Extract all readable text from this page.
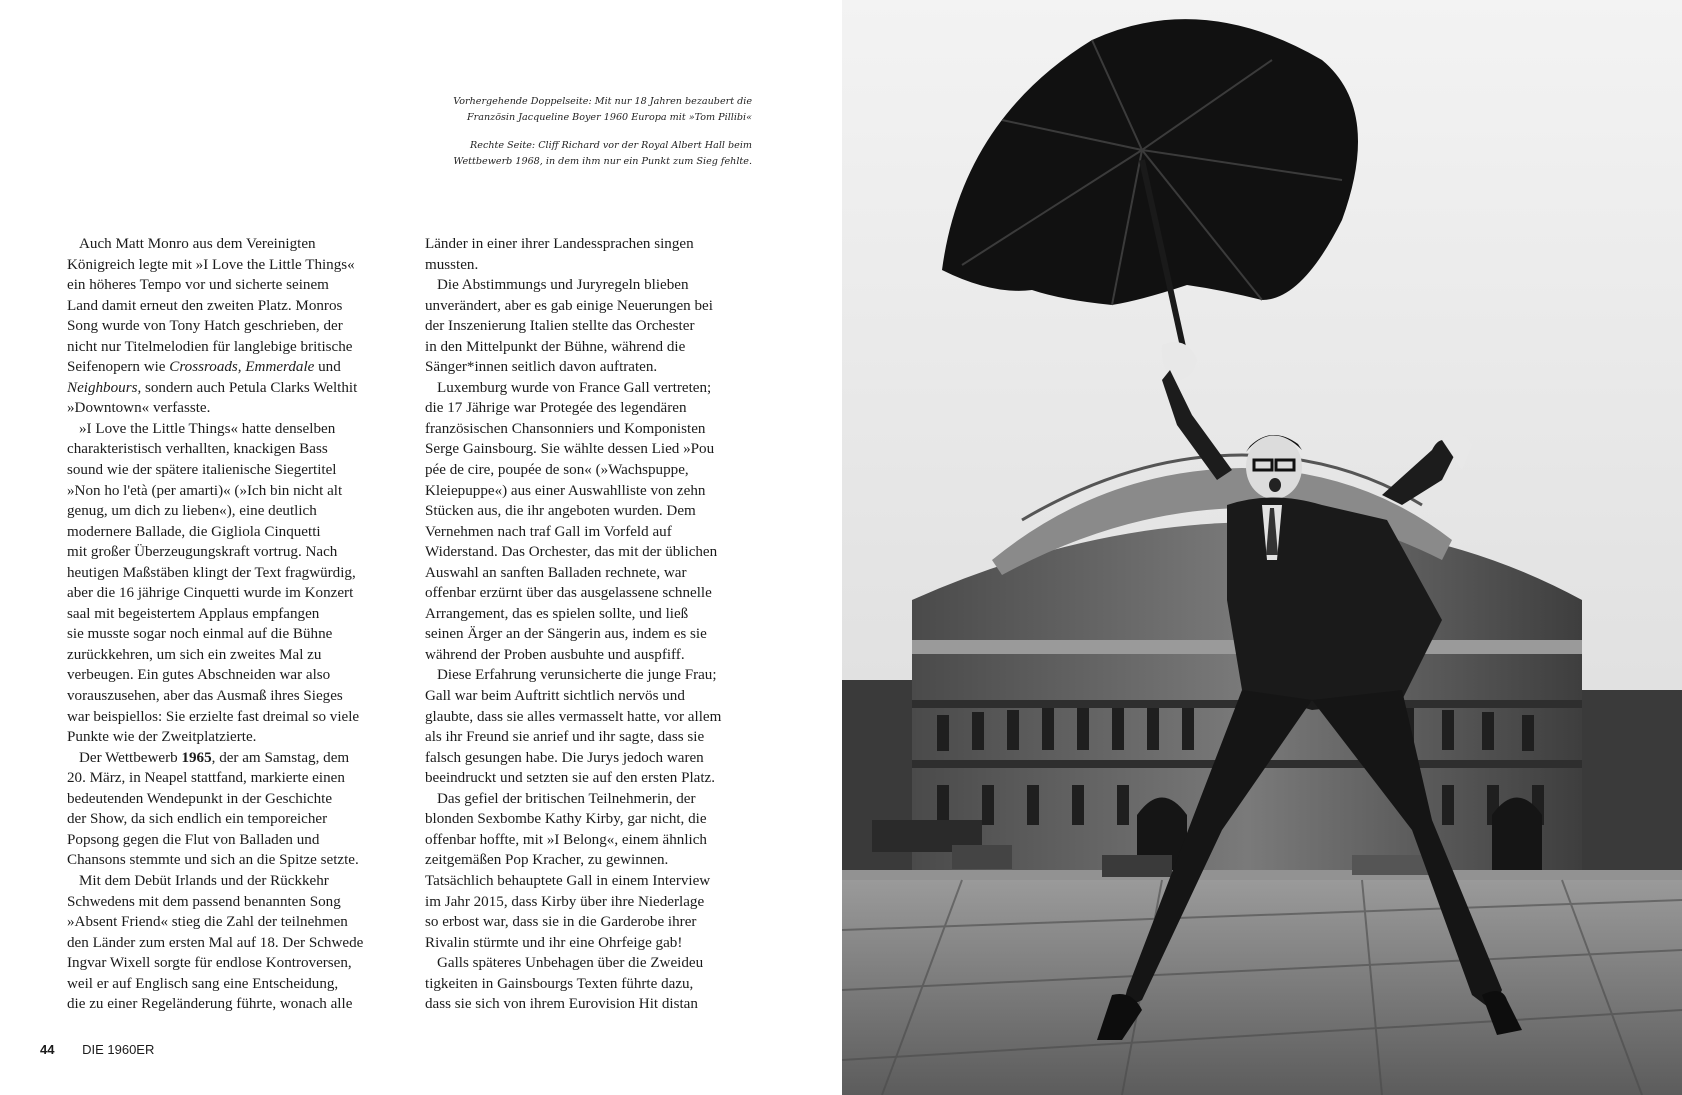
Vorhergehende Doppelseite: Mit nur 18 Jahren bezaubert die
Französin Jacqueline Boyer 1960 Europa mit »Tom Pillibi«

Rechte Seite: Cliff Richard vor der Royal Albert Hall beim
Wettbewerb 1968, in dem ihm nur ein Punkt zum Sieg fehlte.

Auch Matt Monro aus dem Vereinigten

Königreich legte mit »I Love the Little Things«

ein höheres Tempo vor und sicherte seinem

Land damit erneut den zweiten Platz. Monros

Song wurde von Tony Hatch geschrieben, der

nicht nur Titelmelodien für langlebige britische

Seifenopern wie Crossroads, Emmerdale und

Neighbours, sondern auch Petula Clarks Welthit

»Downtown« verfasste.

»I Love the Little Things« hatte denselben

charakteristisch verhallten, knackigen Bass

sound wie der spätere italienische Siegertitel

»Non ho l'età (per amarti)« (»Ich bin nicht alt

genug, um dich zu lieben«), eine deutlich

modernere Ballade, die Gigliola Cinquetti

mit großer Überzeugungskraft vortrug. Nach

heutigen Maßstäben klingt der Text fragwürdig,

aber die 16 jährige Cinquetti wurde im Konzert

saal mit begeistertem Applaus empfangen

sie musste sogar noch einmal auf die Bühne

zurückkehren, um sich ein zweites Mal zu

verbeugen. Ein gutes Abschneiden war also

vorauszusehen, aber das Ausmaß ihres Sieges

war beispiellos: Sie erzielte fast dreimal so viele

Punkte wie der Zweitplatzierte.

Der Wettbewerb 1965, der am Samstag, dem

20. März, in Neapel stattfand, markierte einen

bedeutenden Wendepunkt in der Geschichte

der Show, da sich endlich ein temporeicher

Popsong gegen die Flut von Balladen und

Chansons stemmte und sich an die Spitze setzte.

Mit dem Debüt Irlands und der Rückkehr

Schwedens mit dem passend benannten Song

»Absent Friend« stieg die Zahl der teilnehmen

den Länder zum ersten Mal auf 18. Der Schwede

Ingvar Wixell sorgte für endlose Kontroversen,

weil er auf Englisch sang eine Entscheidung,

die zu einer Regeländerung führte, wonach alle

Länder in einer ihrer Landessprachen singen

mussten.

Die Abstimmungs und Juryregeln blieben

unverändert, aber es gab einige Neuerungen bei

der Inszenierung Italien stellte das Orchester

in den Mittelpunkt der Bühne, während die

Sänger*innen seitlich davon auftraten.

Luxemburg wurde von France Gall vertreten;

die 17 Jährige war Protegée des legendären

französischen Chansonniers und Komponisten

Serge Gainsbourg. Sie wählte dessen Lied »Pou

pée de cire, poupée de son« (»Wachspuppe,

Kleiepuppe«) aus einer Auswahlliste von zehn

Stücken aus, die ihr angeboten wurden. Dem

Vernehmen nach traf Gall im Vorfeld auf

Widerstand. Das Orchester, das mit der üblichen

Auswahl an sanften Balladen rechnete, war

offenbar erzürnt über das ausgelassene schnelle

Arrangement, das es spielen sollte, und ließ

seinen Ärger an der Sängerin aus, indem es sie

während der Proben ausbuhte und auspfiff.

Diese Erfahrung verunsicherte die junge Frau;

Gall war beim Auftritt sichtlich nervös und

glaubte, dass sie alles vermasselt hatte, vor allem

als ihr Freund sie anrief und ihr sagte, dass sie

falsch gesungen habe. Die Jurys jedoch waren

beeindruckt und setzten sie auf den ersten Platz.

Das gefiel der britischen Teilnehmerin, der

blonden Sexbombe Kathy Kirby, gar nicht, die

offenbar hoffte, mit »I Belong«, einem ähnlich

zeitgemäßen Pop Kracher, zu gewinnen.

Tatsächlich behauptete Gall in einem Interview

im Jahr 2015, dass Kirby über ihre Niederlage

so erbost war, dass sie in die Garderobe ihrer

Rivalin stürmte und ihr eine Ohrfeige gab!

Galls späteres Unbehagen über die Zweideu

tigkeiten in Gainsbourgs Texten führte dazu,

dass sie sich von ihrem Eurovision Hit distan

44 DIE 1960ER
